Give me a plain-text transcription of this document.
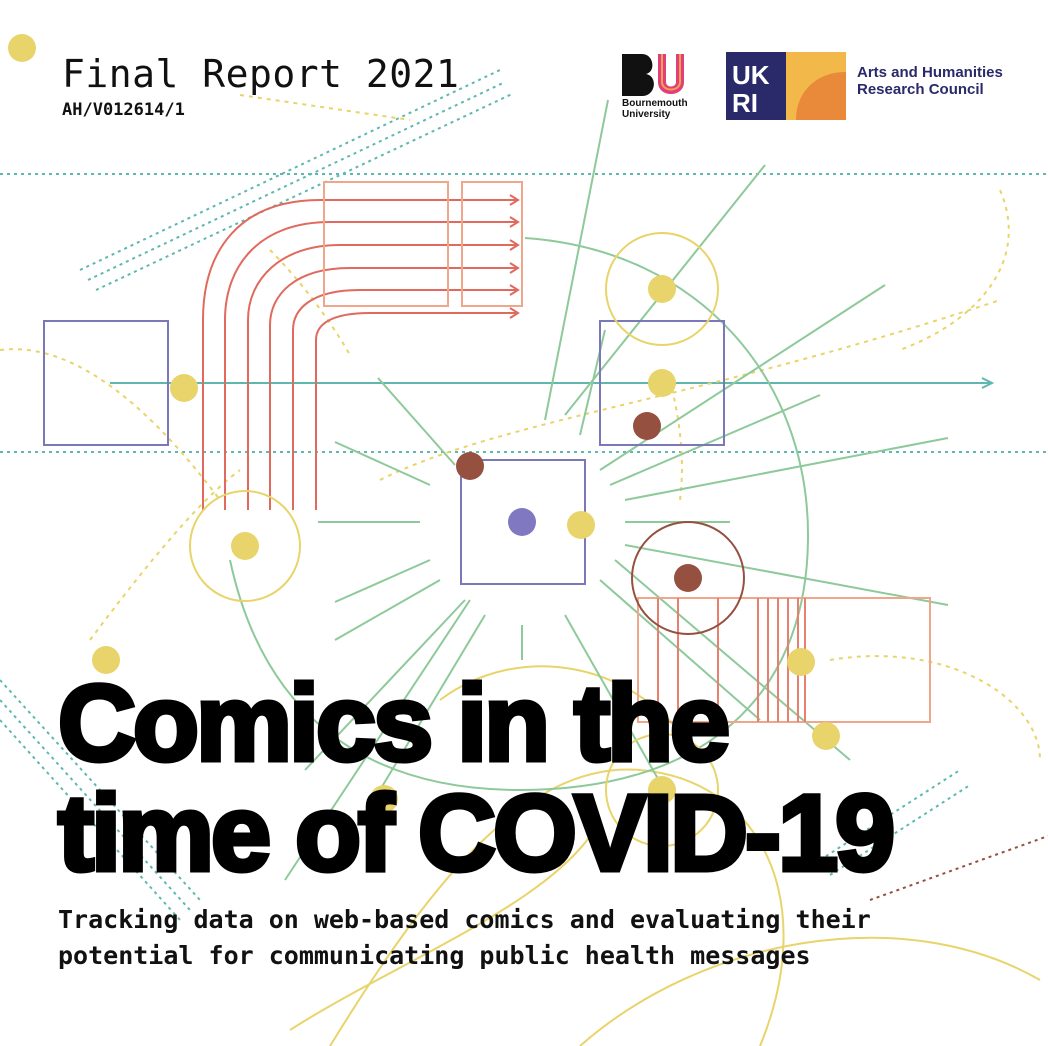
Final Report 2021
AH/V012614/1	Bournemouth University
UK
RI
Arts and Humanities Research Council
Comics in the
time of COVID-19

Tracking data on web-based comics and evaluating their potential for communicating public health messages
